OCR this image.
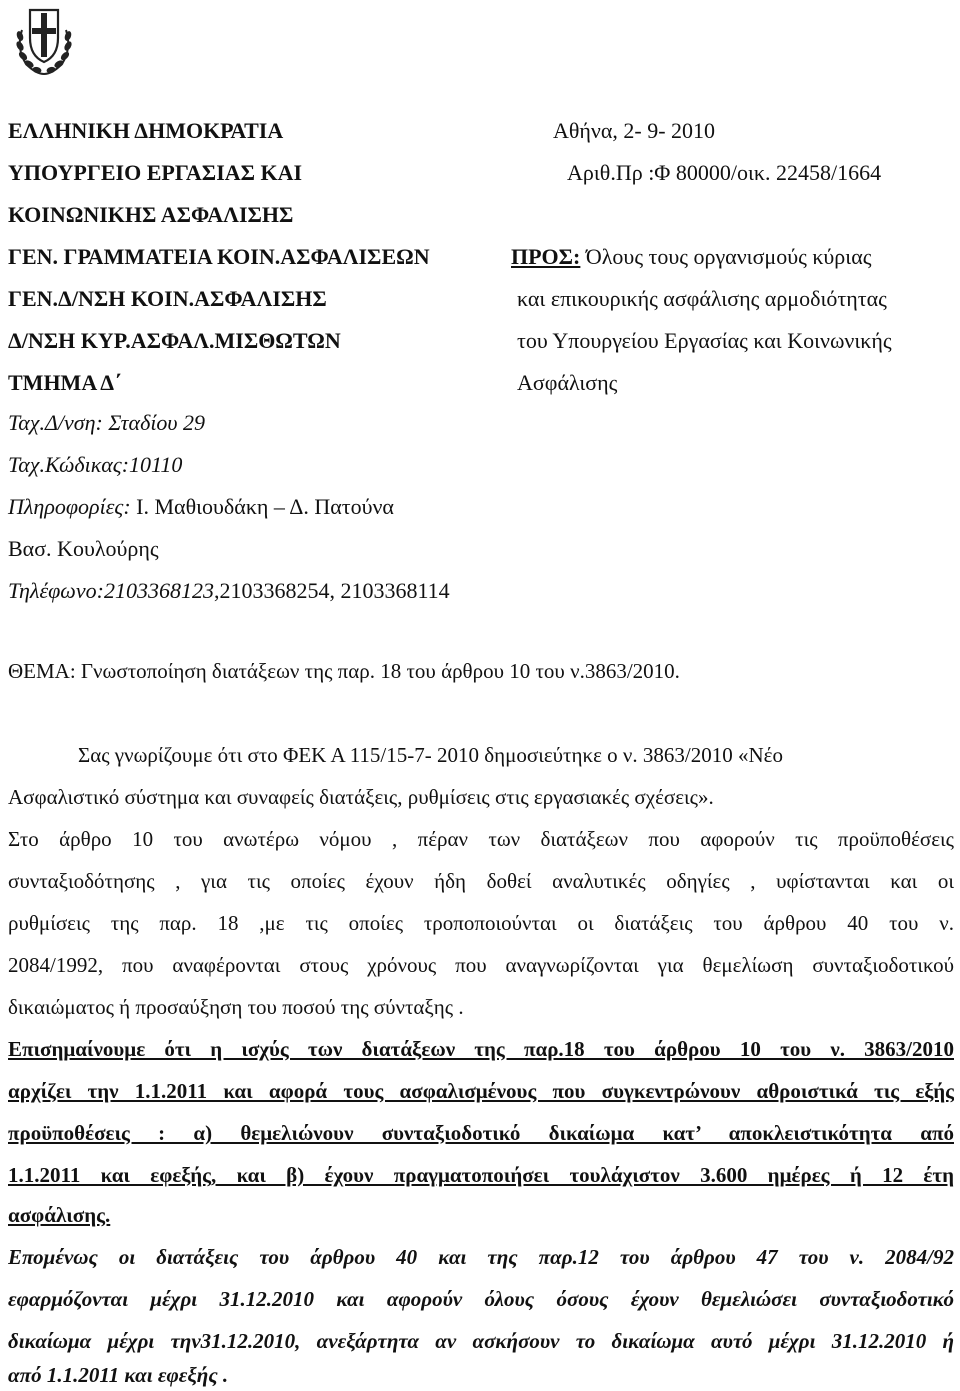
ΕΛΛΗΝΙΚΗ ΔΗΜΟΚΡΑΤΙΑ
ΥΠΟΥΡΓΕΙΟ ΕΡΓΑΣΙΑΣ ΚΑΙ
ΚΟΙΝΩΝΙΚΗΣ ΑΣΦΑΛΙΣΗΣ
ΓΕΝ. ΓΡΑΜΜΑΤΕΙΑ ΚΟΙΝ.ΑΣΦΑΛΙΣΕΩΝ
ΓΕΝ.Δ/ΝΣΗ ΚΟΙΝ.ΑΣΦΑΛΙΣΗΣ
Δ/ΝΣΗ ΚΥΡ.ΑΣΦΑΛ.ΜΙΣΘΩΤΩΝ
ΤΜΗΜΑ Δ΄
Ταχ.Δ/νση: Σταδίου 29
Ταχ.Κώδικας:10110
Πληροφορίες: Ι. Μαθιουδάκη – Δ. Πατούνα
Βασ. Κουλούρης
Τηλέφωνο:2103368123,2103368254, 2103368114
Αθήνα, 2- 9- 2010
Αριθ.Πρ :Φ 80000/οικ. 22458/1664
ΠΡΟΣ: Όλους τους οργανισμούς κύριας
και επικουρικής ασφάλισης αρμοδιότητας
του Υπουργείου Εργασίας και Κοινωνικής
Ασφάλισης
ΘΕΜΑ: Γνωστοποίηση διατάξεων της παρ. 18 του άρθρου 10 του ν.3863/2010.
Σας γνωρίζουμε ότι στο ΦΕΚ Α 115/15-7- 2010 δημοσιεύτηκε ο ν. 3863/2010 «Νέο
Ασφαλιστικό σύστημα και συναφείς διατάξεις, ρυθμίσεις στις εργασιακές σχέσεις».
Στο άρθρο 10 του ανωτέρω νόμου , πέραν των διατάξεων που αφορούν τις προϋποθέσεις
συνταξιοδότησης , για τις οποίες έχουν ήδη δοθεί αναλυτικές οδηγίες , υφίστανται και οι
ρυθμίσεις της παρ. 18 ,με τις οποίες τροποποιούνται οι διατάξεις του άρθρου 40 του ν.
2084/1992, που αναφέρονται στους χρόνους που αναγνωρίζονται για θεμελίωση συνταξιοδοτικού
δικαιώματος ή προσαύξηση του ποσού της σύνταξης .
Επισημαίνουμε ότι η ισχύς των διατάξεων της παρ.18 του άρθρου 10 του ν. 3863/2010
αρχίζει την 1.1.2011 και αφορά τους ασφαλισμένους που συγκεντρώνουν αθροιστικά τις εξής
προϋποθέσεις : α) θεμελιώνουν συνταξιοδοτικό δικαίωμα κατ’ αποκλειστικότητα από
1.1.2011 και εφεξής, και β) έχουν πραγματοποιήσει τουλάχιστον 3.600 ημέρες ή 12 έτη
ασφάλισης.
Επομένως οι διατάξεις του άρθρου 40 και της παρ.12 του άρθρου 47 του ν. 2084/92
εφαρμόζονται μέχρι 31.12.2010 και αφορούν όλους όσους έχουν θεμελιώσει συνταξιοδοτικό
δικαίωμα μέχρι την31.12.2010, ανεξάρτητα αν ασκήσουν το δικαίωμα αυτό μέχρι 31.12.2010 ή
από 1.1.2011 και εφεξής .
